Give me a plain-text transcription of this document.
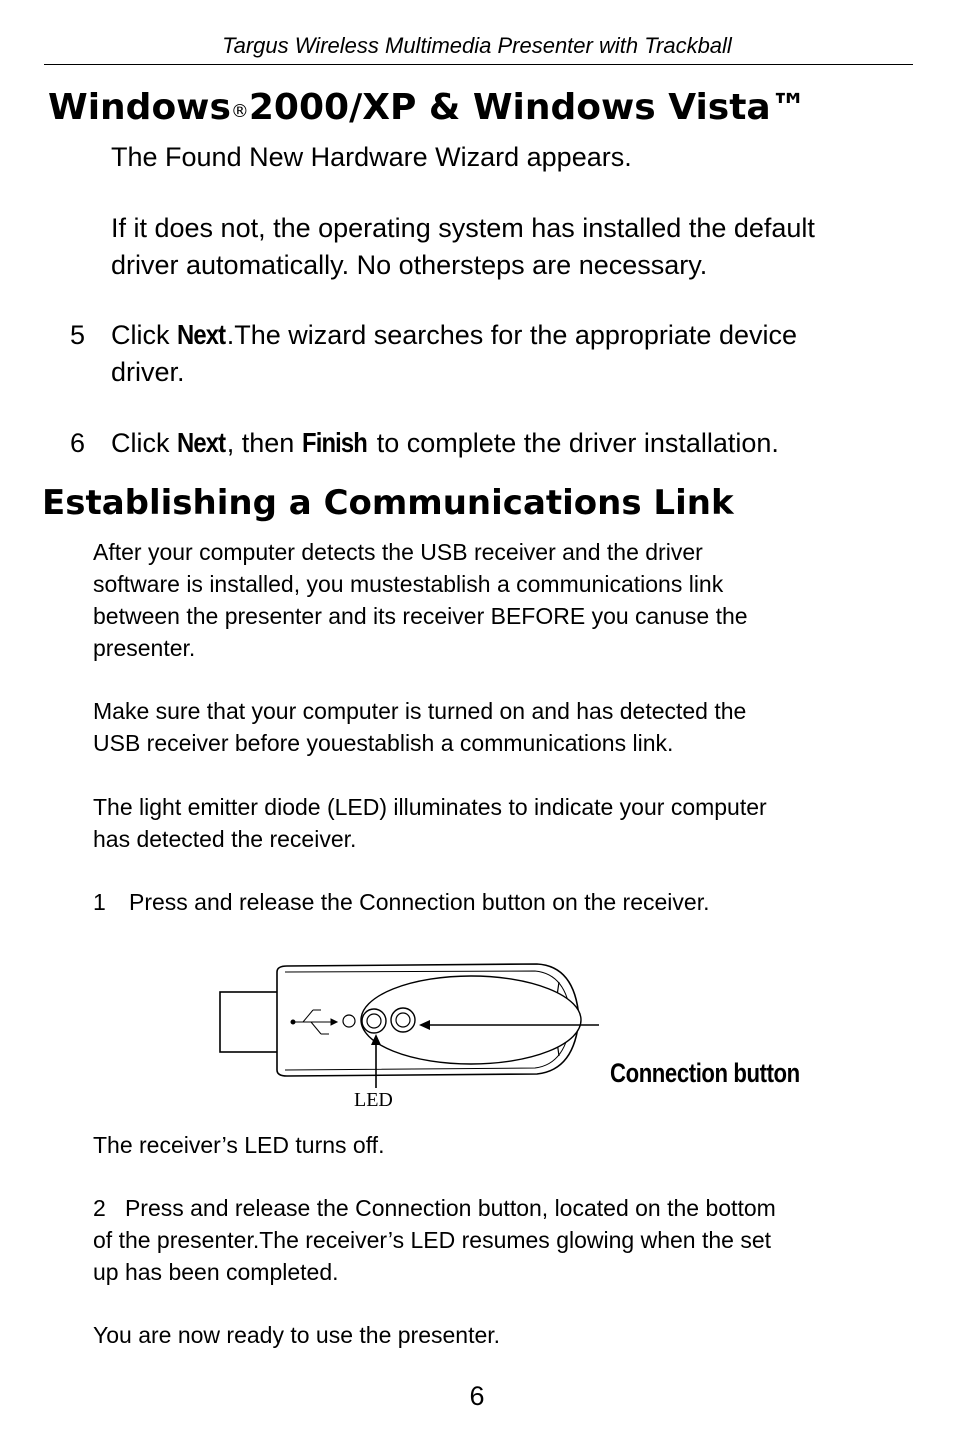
Targus Wireless Multimedia Presenter with Trackball
Windows®2000/XP & Windows Vista™
The Found New Hardware Wizard appears.
If it does not, the operating system has installed the default
driver automatically. No othersteps are necessary.
5 Click Next.The wizard searches for the appropriate device
driver.
6 Click Next, then Finish to complete the driver installation.
Establishing a Communications Link
After your computer detects the USB receiver and the driver
software is installed, you mustestablish a communications link
between the presenter and its receiver BEFORE you canuse the
presenter.
Make sure that your computer is turned on and has detected the
USB receiver before youestablish a communications link.
The light emitter diode (LED) illuminates to indicate your computer
has detected the receiver.
1 Press and release the Connection button on the receiver.
Connection button
LED
The receiver’s LED turns off.
2   Press and release the Connection button, located on the bottom
of the presenter.The receiver’s LED resumes glowing when the set
up has been completed.
You are now ready to use the presenter.
6
